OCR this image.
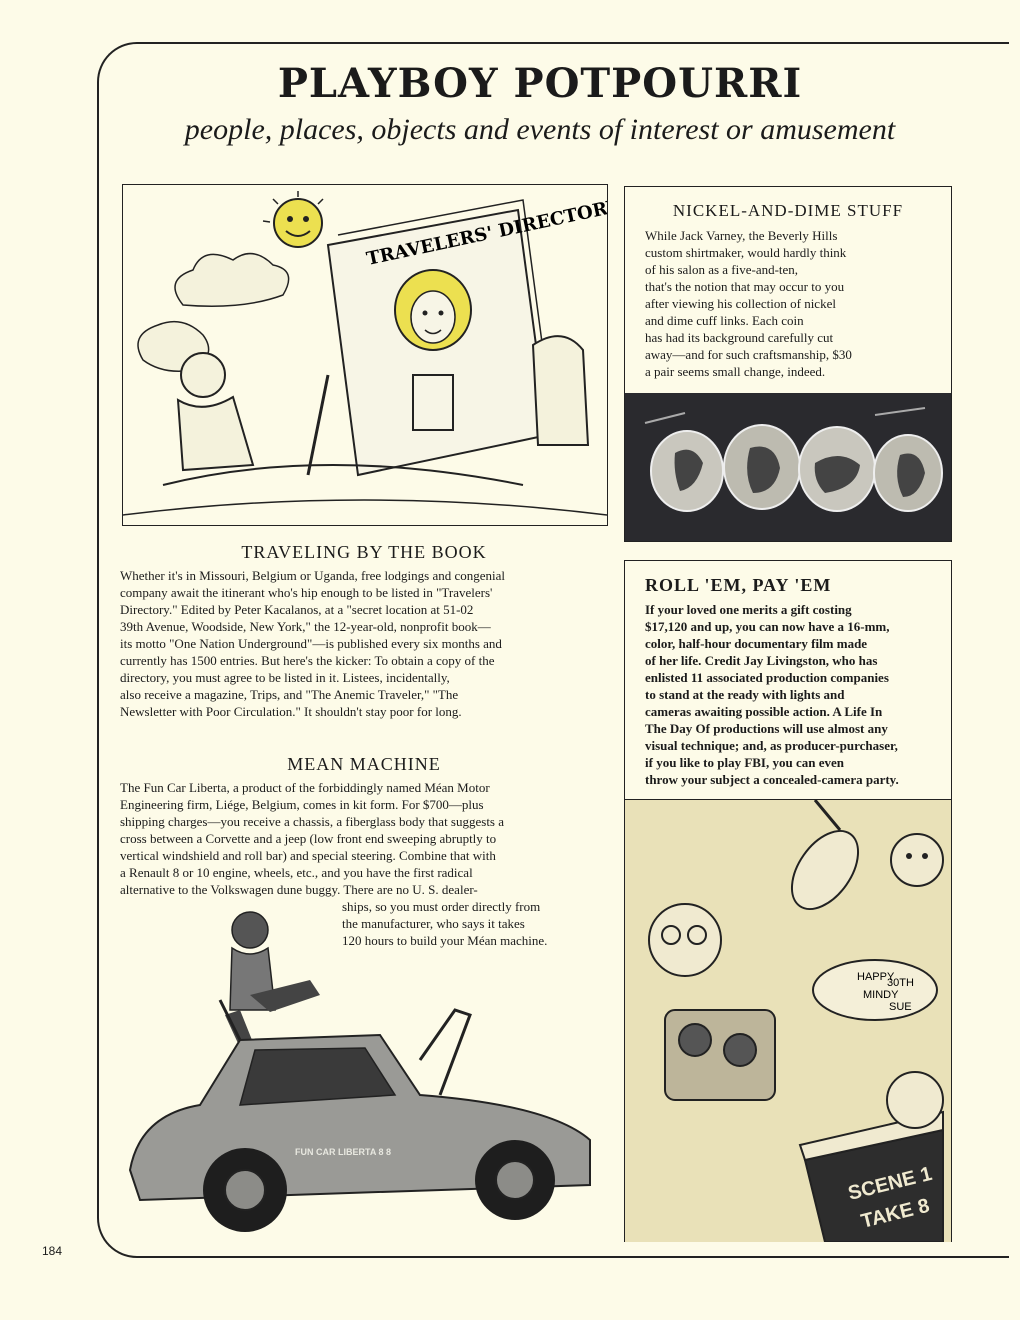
PLAYBOY POTPOURRI
people, places, objects and events of interest or amusement
TRAVELERS' DIRECTORY	NICKEL-AND-DIME STUFF
While Jack Varney, the Beverly Hills
custom shirtmaker, would hardly think
of his salon as a five-and-ten,
that's the notion that may occur to you
after viewing his collection of nickel
and dime cuff links. Each coin
has had its background carefully cut
away—and for such craftsmanship, $30
a pair seems small change, indeed.
TRAVELING BY THE BOOK
Whether it's in Missouri, Belgium or Uganda, free lodgings and congenial
company await the itinerant who's hip enough to be listed in "Travelers'
Directory." Edited by Peter Kacalanos, at a "secret location at 51-02
39th Avenue, Woodside, New York," the 12-year-old, nonprofit book—
its motto "One Nation Underground"—is published every six months and
currently has 1500 entries. But here's the kicker: To obtain a copy of the
directory, you must agree to be listed in it. Listees, incidentally,
also receive a magazine, Trips, and "The Anemic Traveler," "The
Newsletter with Poor Circulation." It shouldn't stay poor for long.
ROLL 'EM, PAY 'EM
If your loved one merits a gift costing
$17,120 and up, you can now have a 16-mm,
color, half-hour documentary film made
of her life. Credit Jay Livingston, who has
enlisted 11 associated production companies
to stand at the ready with lights and
cameras awaiting possible action. A Life In
The Day Of productions will use almost any
visual technique; and, as producer-purchaser,
if you like to play FBI, you can even
throw your subject a concealed-camera party.
HAPPY
30TH
MINDY
SUE
SCENE 1
TAKE 8
MEAN MACHINE
The Fun Car Liberta, a product of the forbiddingly named Méan Motor
Engineering firm, Liége, Belgium, comes in kit form. For $700—plus
shipping charges—you receive a chassis, a fiberglass body that suggests a
cross between a Corvette and a jeep (low front end sweeping abruptly to
vertical windshield and roll bar) and special steering. Combine that with
a Renault 8 or 10 engine, wheels, etc., and you have the first radical
alternative to the Volkswagen dune buggy. There are no U. S. dealer-
ships, so you must order directly from
the manufacturer, who says it takes
120 hours to build your Méan machine.
FUN CAR LIBERTA 8 8
184
